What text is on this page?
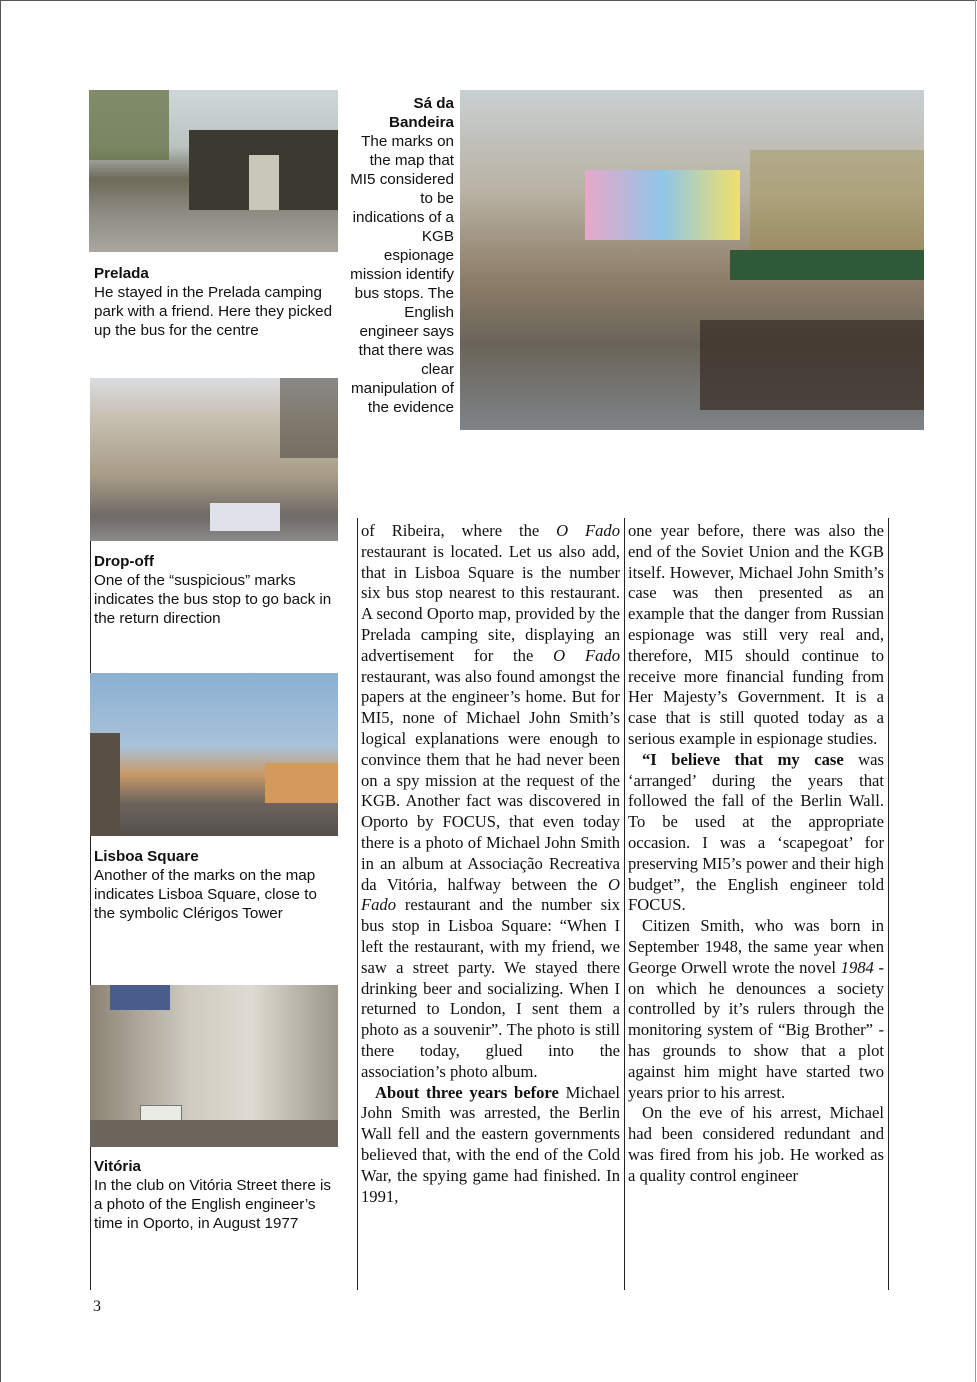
Prelada
He stayed in the Prelada camping park with a friend. Here they picked up the bus for the centre
Sá da Bandeira
The marks on the map that MI5 considered to be indications of a KGB espionage mission identify bus stops. The English engineer says that there was clear manipulation of the evidence
Drop-off
One of the “suspicious” marks indicates the bus stop to go back in the return direction
Lisboa Square
Another of the marks on the map indicates Lisboa Square, close to the symbolic Clérigos Tower
Vitória
In the club on Vitória Street there is a photo of the English engineer’s time in Oporto, in August 1977

of Ribeira, where the O Fado restaurant is located. Let us also add, that in Lisboa Square is the number six bus stop nearest to this restaurant. A second Oporto map, provided by the Prelada camping site, displaying an advertisement for the O Fado restaurant, was also found amongst the papers at the engineer’s home. But for MI5, none of Michael John Smith’s logical explanations were enough to convince them that he had never been on a spy mission at the request of the KGB. Another fact was discovered in Oporto by FOCUS, that even today there is a photo of Michael John Smith in an album at Associação Recreativa da Vitória, halfway between the O Fado restaurant and the number six bus stop in Lisboa Square: “When I left the restaurant, with my friend, we saw a street party. We stayed there drinking beer and socializing. When I returned to London, I sent them a photo as a souvenir”. The photo is still there today, glued into the association’s photo album.

About three years before Michael John Smith was arrested, the Berlin Wall fell and the eastern governments believed that, with the end of the Cold War, the spying game had finished. In 1991,

one year before, there was also the end of the Soviet Union and the KGB itself. However, Michael John Smith’s case was then presented as an example that the danger from Russian espionage was still very real and, therefore, MI5 should continue to receive more financial funding from Her Majesty’s Government. It is a case that is still quoted today as a serious example in espionage studies.

“I believe that my case was ‘arranged’ during the years that followed the fall of the Berlin Wall. To be used at the appropriate occasion. I was a ‘scapegoat’ for preserving MI5’s power and their high budget”, the English engineer told FOCUS.

Citizen Smith, who was born in September 1948, the same year when George Orwell wrote the novel 1984 - on which he denounces a society controlled by it’s rulers through the monitoring system of “Big Brother” - has grounds to show that a plot against him might have started two years prior to his arrest.

On the eve of his arrest, Michael had been considered redundant and was fired from his job. He worked as a quality control engineer

3
